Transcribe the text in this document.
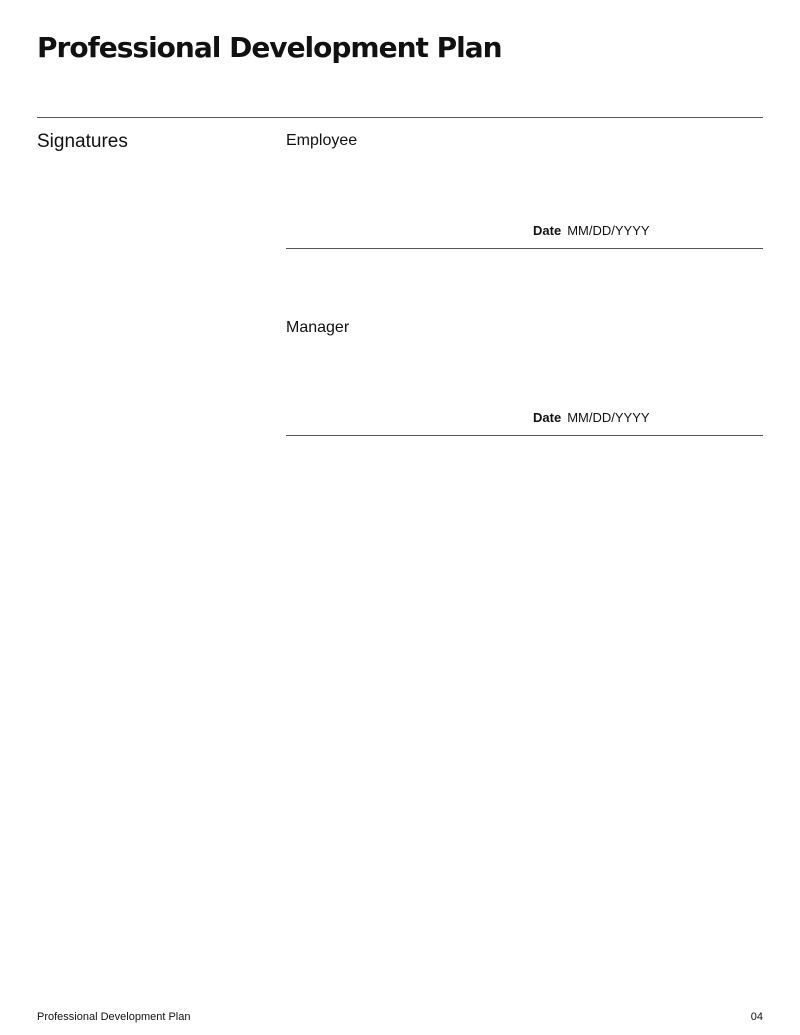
Professional Development Plan
Signatures	Employee
Date MM/DD/YYYY
Manager
Date MM/DD/YYYY
Professional Development Plan	04
